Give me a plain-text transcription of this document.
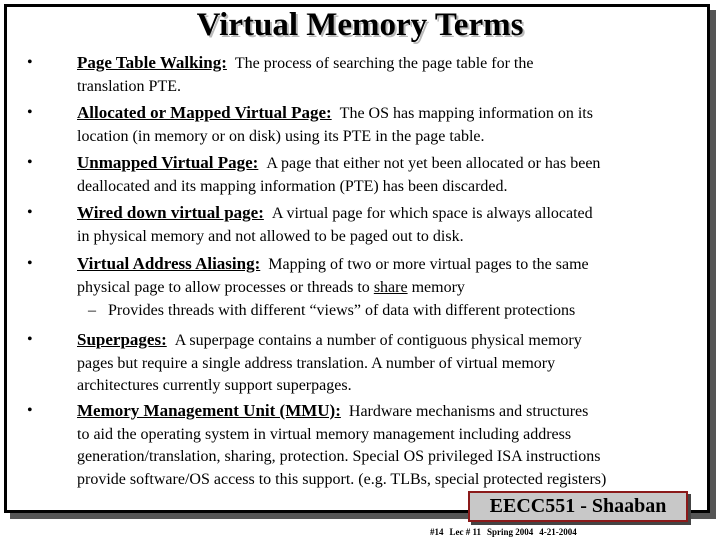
Virtual Memory Terms
•	Page Table Walking: The process of searching the page table for the
translation PTE.
•	Allocated or Mapped Virtual Page: The OS has mapping information on its
location (in memory or on disk) using its PTE in the page table.
•	Unmapped Virtual Page: A page that either not yet been allocated or has been
deallocated and its mapping information (PTE) has been discarded.
•	Wired down virtual page: A virtual page for which space is always allocated
in physical memory and not allowed to be paged out to disk.
•	Virtual Address Aliasing: Mapping of two or more virtual pages to the same
physical page to allow processes or threads to share memory
– Provides threads with different “views” of data with different protections
•	Superpages: A superpage contains a number of contiguous physical memory
pages but require a single address translation. A number of virtual memory
architectures currently support superpages.
•	Memory Management Unit (MMU): Hardware mechanisms and structures
to aid the operating system in virtual memory management including address
generation/translation, sharing, protection. Special OS privileged ISA instructions
provide software/OS access to this support. (e.g. TLBs, special protected registers)
EECC551 - Shaaban
#14 Lec # 11 Spring 2004 4-21-2004
